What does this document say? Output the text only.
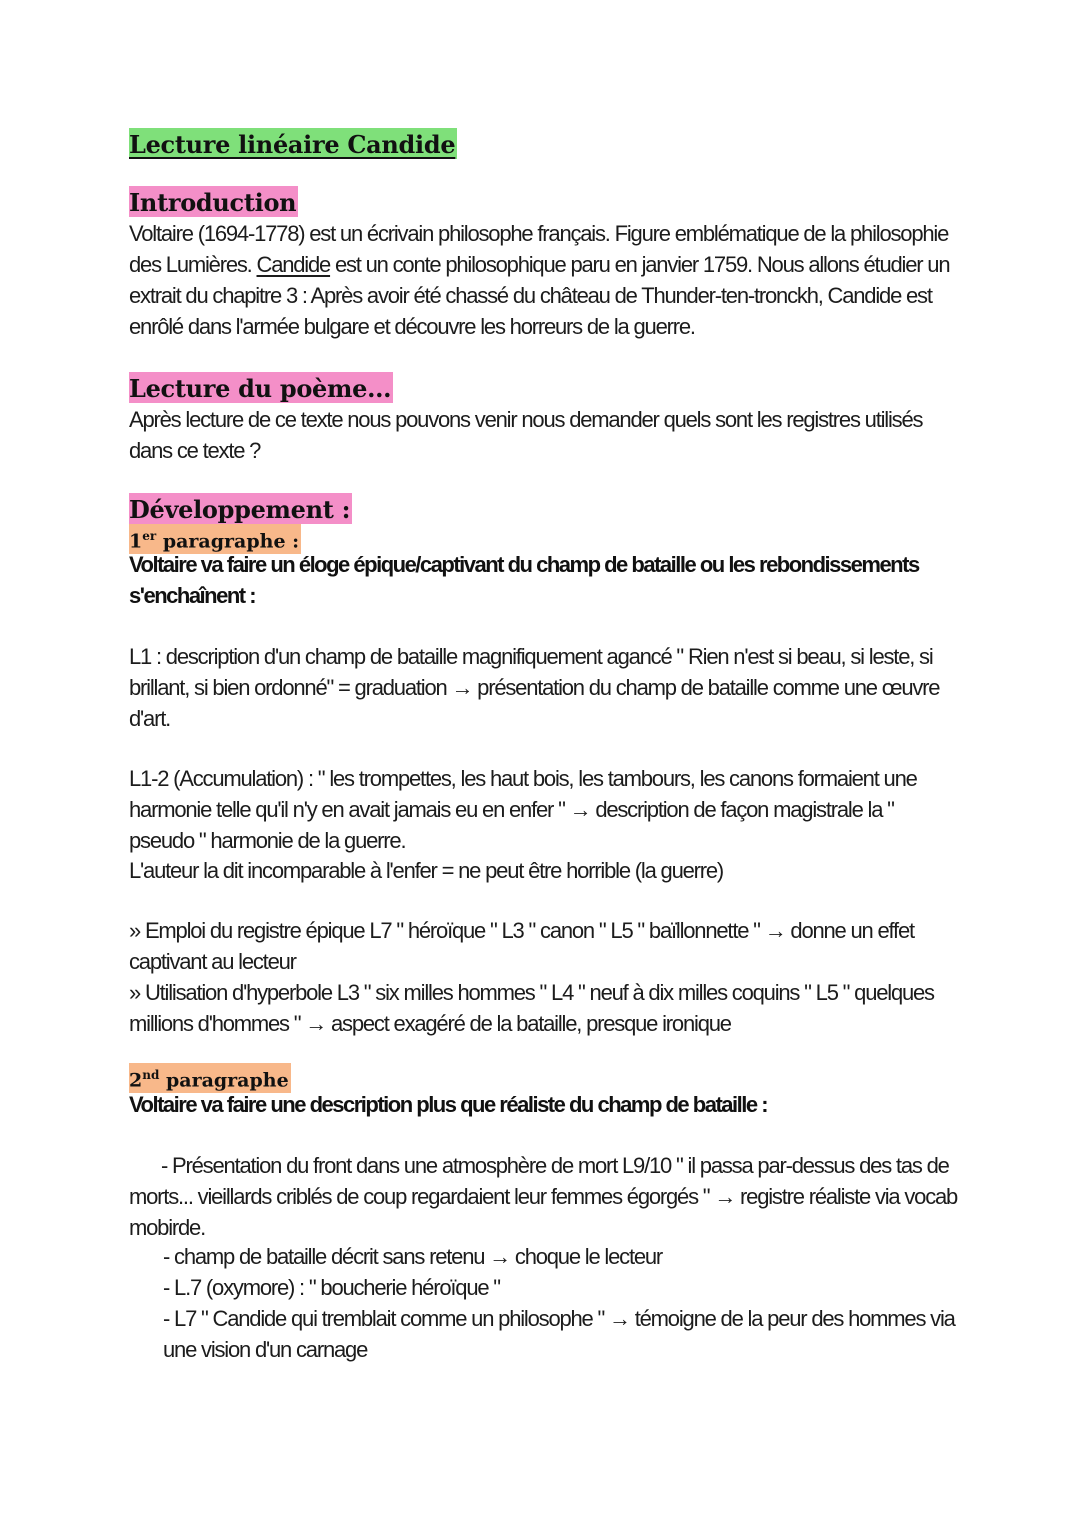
Lecture linéaire Candide
Introduction

Voltaire (1694-1778) est un écrivain philosophe français. Figure emblématique de la philosophie des Lumières. Candide est un conte philosophique paru en janvier 1759. Nous allons étudier un extrait du chapitre 3 : Après avoir été chassé du château de Thunder-ten-tronckh, Candide est enrôlé dans l'armée bulgare et découvre les horreurs de la guerre.

Lecture du poème...

Après lecture de ce texte nous pouvons venir nous demander quels sont les registres utilisés dans ce texte ?

Développement :
1er paragraphe :

Voltaire va faire un éloge épique/captivant du champ de bataille ou les rebondissements s'enchaînent :

L1 : description d'un champ de bataille magnifiquement agancé " Rien n'est si beau, si leste, si brillant, si bien ordonné" = graduation → présentation du champ de bataille comme une œuvre d'art.

L1-2 (Accumulation) : " les trompettes, les haut bois, les tambours, les canons formaient une harmonie telle qu'il n'y en avait jamais eu en enfer " → description de façon magistrale la " pseudo " harmonie de la guerre.

L'auteur la dit incomparable à l'enfer = ne peut être horrible (la guerre)

» Emploi du registre épique L7 " héroïque " L3 " canon " L5 " baïllonnette " → donne un effet captivant au lecteur

» Utilisation d'hyperbole L3 " six milles hommes " L4 " neuf à dix milles coquins " L5 " quelques millions d'hommes " → aspect exagéré de la bataille, presque ironique

2nd paragraphe

Voltaire va faire une description plus que réaliste du champ de bataille :

- Présentation du front dans une atmosphère de mort L9/10 " il passa par-dessus des tas de morts... vieillards criblés de coup regardaient leur femmes égorgés " → registre réaliste via vocab mobirde.

- champ de bataille décrit sans retenu → choque le lecteur

- L.7 (oxymore) : " boucherie héroïque "

- L7 " Candide qui tremblait comme un philosophe " → témoigne de la peur des hommes via une vision d'un carnage
